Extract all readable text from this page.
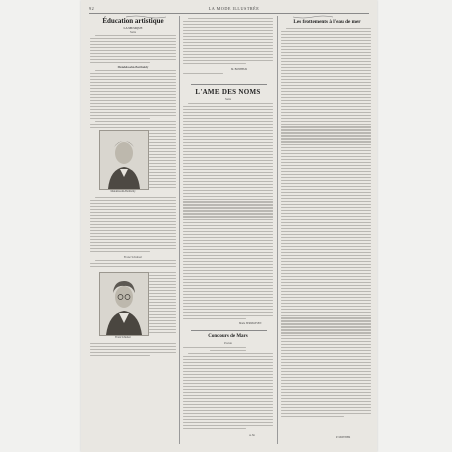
92	LA MODE ILLUSTRÉE
Éducation artistique
LA MUSIQUE
Suite
Mendelssohn-Bartholdy
Mendelssohn-Bartholdy
Franz Schubert
Franz Schubert
M. BONHEUR
L'AME DES NOMS
Suite
Marie SERMAYSEN
Concours de Mars
Poésie
A. M.
Les frottements à l'eau de mer
P. MONTIER
